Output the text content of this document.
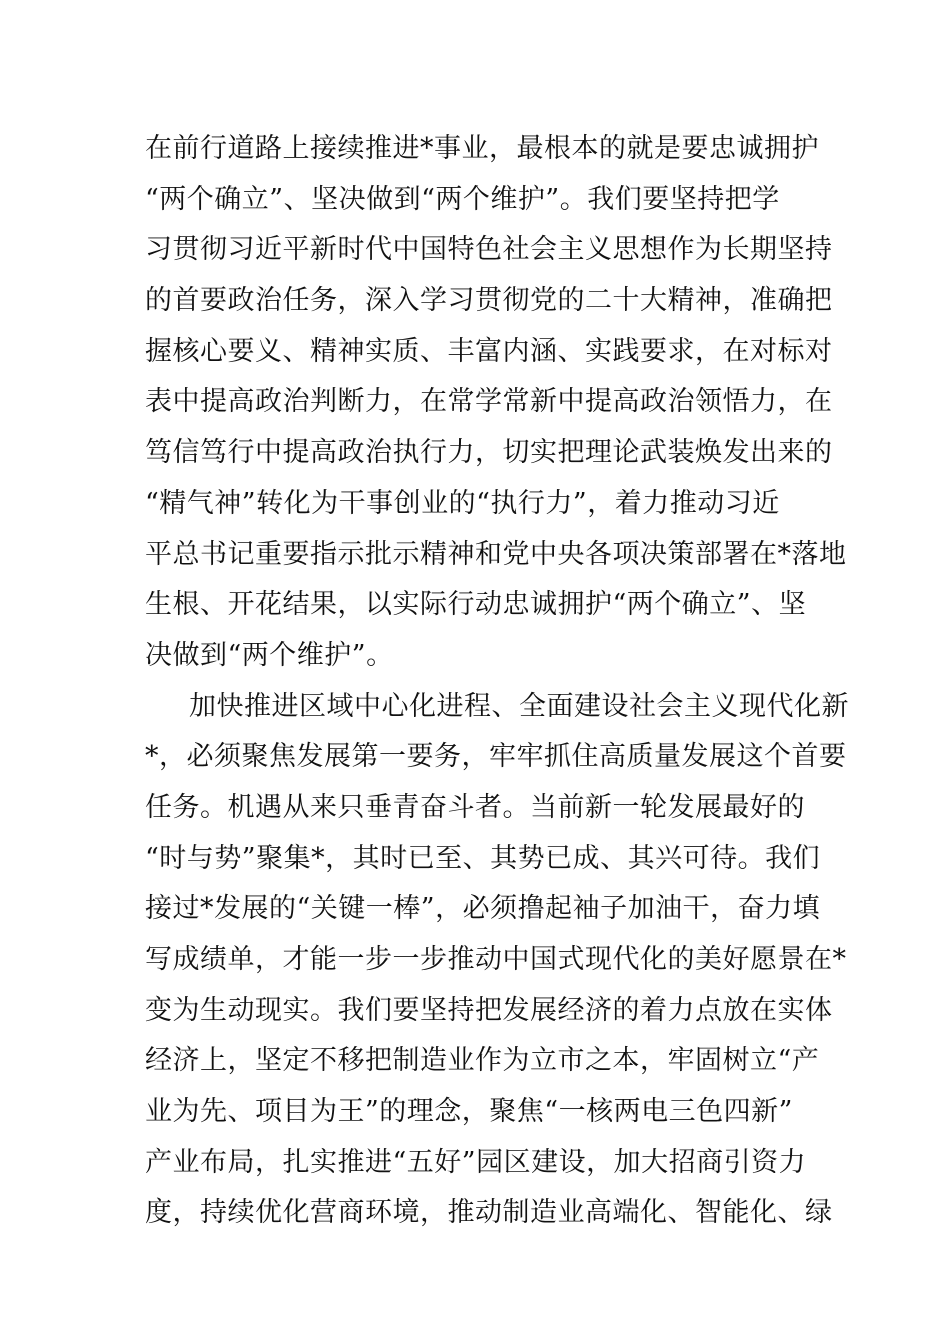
在前行道路上接续推进*事业，最根本的就是要忠诚拥护
“两个确立”、坚决做到“两个维护”。我们要坚持把学
习贯彻习近平新时代中国特色社会主义思想作为长期坚持
的首要政治任务，深入学习贯彻党的二十大精神，准确把
握核心要义、精神实质、丰富内涵、实践要求，在对标对
表中提高政治判断力，在常学常新中提高政治领悟力，在
笃信笃行中提高政治执行力，切实把理论武装焕发出来的
“精气神”转化为干事创业的“执行力”，着力推动习近
平总书记重要指示批示精神和党中央各项决策部署在*落地
生根、开花结果，以实际行动忠诚拥护“两个确立”、坚
决做到“两个维护”。
加快推进区域中心化进程、全面建设社会主义现代化新
*，必须聚焦发展第一要务，牢牢抓住高质量发展这个首要
任务。机遇从来只垂青奋斗者。当前新一轮发展最好的
“时与势”聚集*，其时已至、其势已成、其兴可待。我们
接过*发展的“关键一棒”，必须撸起袖子加油干，奋力填
写成绩单，才能一步一步推动中国式现代化的美好愿景在*
变为生动现实。我们要坚持把发展经济的着力点放在实体
经济上，坚定不移把制造业作为立市之本，牢固树立“产
业为先、项目为王”的理念，聚焦“一核两电三色四新”
产业布局，扎实推进“五好”园区建设，加大招商引资力
度，持续优化营商环境，推动制造业高端化、智能化、绿
